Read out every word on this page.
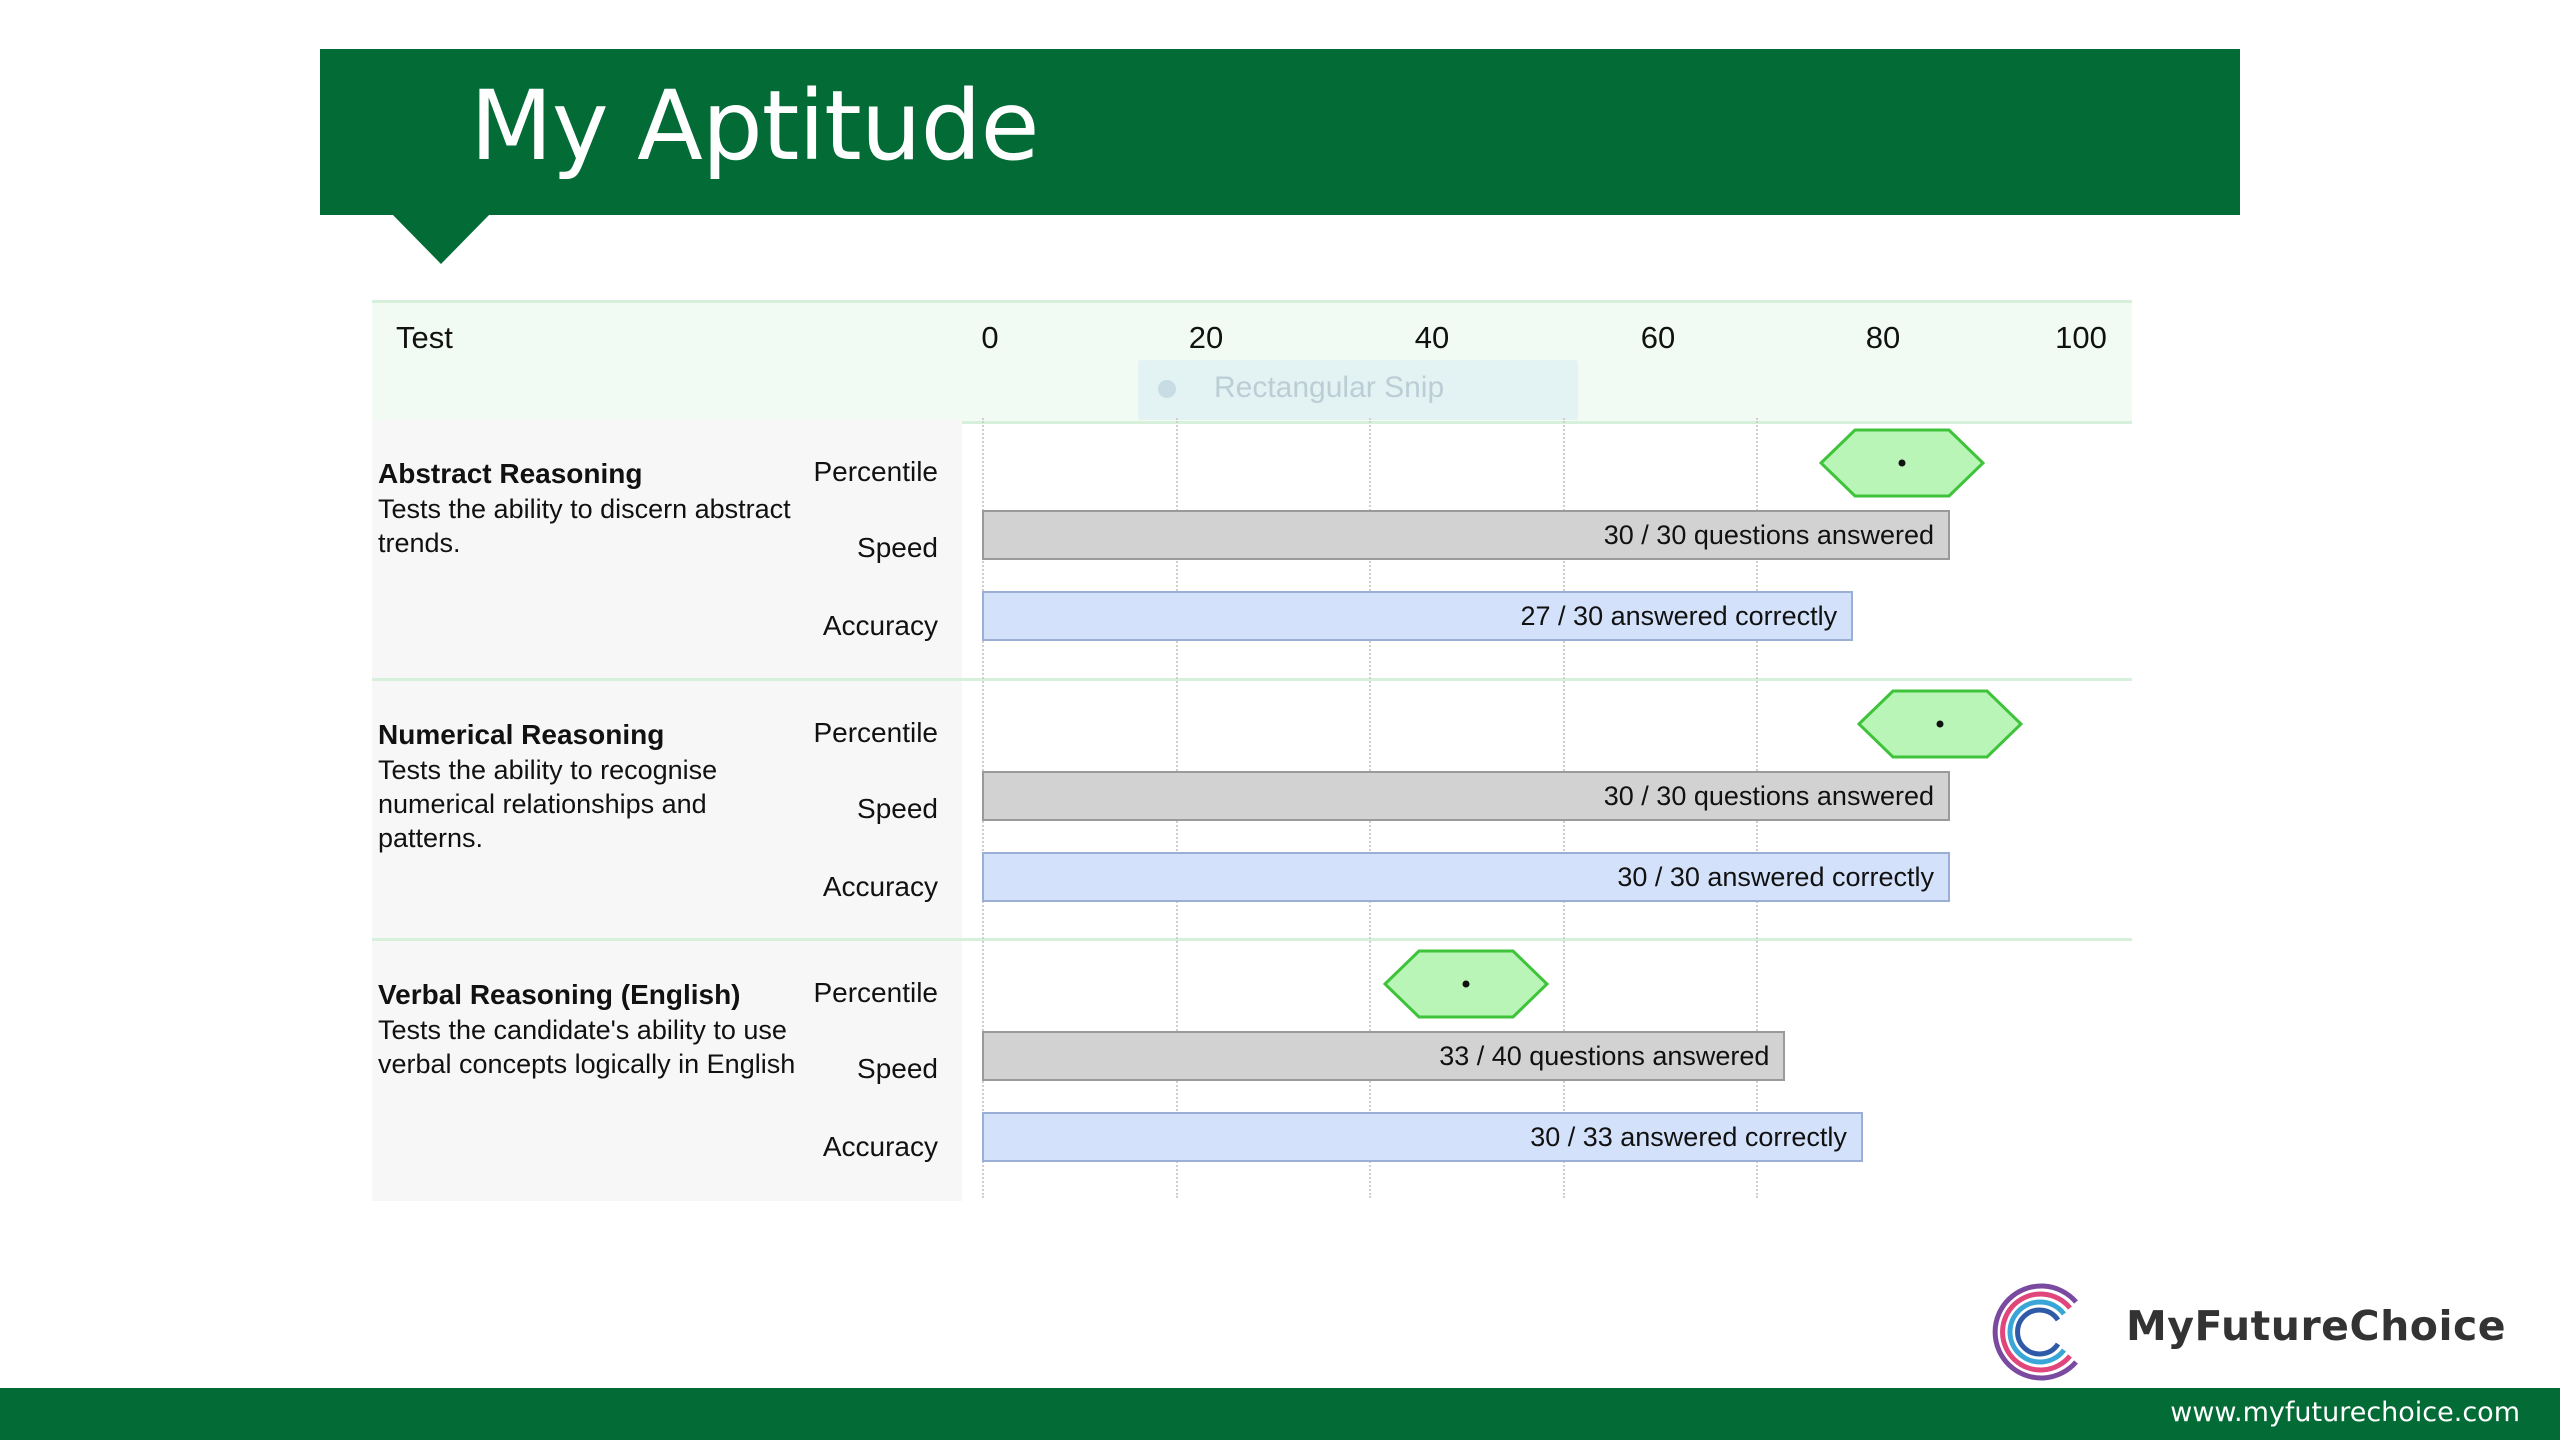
My Aptitude
Test
Rectangular Snip
MyFutureChoice
www.myfuturechoice.com
0	20	40	60	80	100
Abstract Reasoning
Tests the ability to discern abstract trends.
Percentile
Speed
Accuracy
30 / 30 questions answered
27 / 30 answered correctly
Numerical Reasoning
Tests the ability to recognise numerical relationships and patterns.
Percentile
Speed
Accuracy
30 / 30 questions answered
30 / 30 answered correctly
Verbal Reasoning (English)
Tests the candidate's ability to use verbal concepts logically in English
Percentile
Speed
Accuracy
33 / 40 questions answered
30 / 33 answered correctly
